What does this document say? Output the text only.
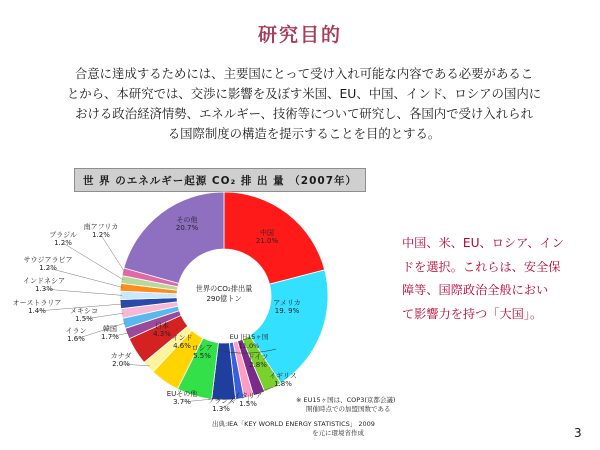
研究目的

合意に達成するためには、主要国にとって受け入れ可能な内容である必要があるこ

とから、本研究では、交渉に影響を及ぼす米国、EU、中国、インド、ロシアの国内に

おける政治経済情勢、エネルギー、技術等について研究し、各国内で受け入れられ

る国際制度の構造を提示することを目的とする。

世 界 のエネルギー起源 CO₂ 排 出 量 （2007年）
中国
21.0%
アメリカ
19. 9%
ドイツ
2.8%
イギリス
1.8%
イタリア
1.5%
フランス
1.3%
EUその他
3.7%
ロシア
5.5%
インド
4.6%
カナダ
2.0%
日本
4.3%
韓国
1.7%
イラン
1.6%
メキシコ
1.5%
オーストラリア
1.4%
インドネシア
1.3%
サウジアラビア
1.2%
ブラジル
1.2%
南アフリカ
1.2%
その他
20.7%
世界のCO₂排出量
290億トン
EU 旧15ヶ国
11.0%

中国、米、EU、ロシア、イン

ドを選択。これらは、安全保

障等、国際政治全般におい

て影響力を持つ「大国」。

※ EU15ヶ国は、COP3(京都会議)

開催時点での加盟国数である

出典:IEA「KEY WORLD ENERGY STATISTICS」 2009

を元に環境省作成	3
